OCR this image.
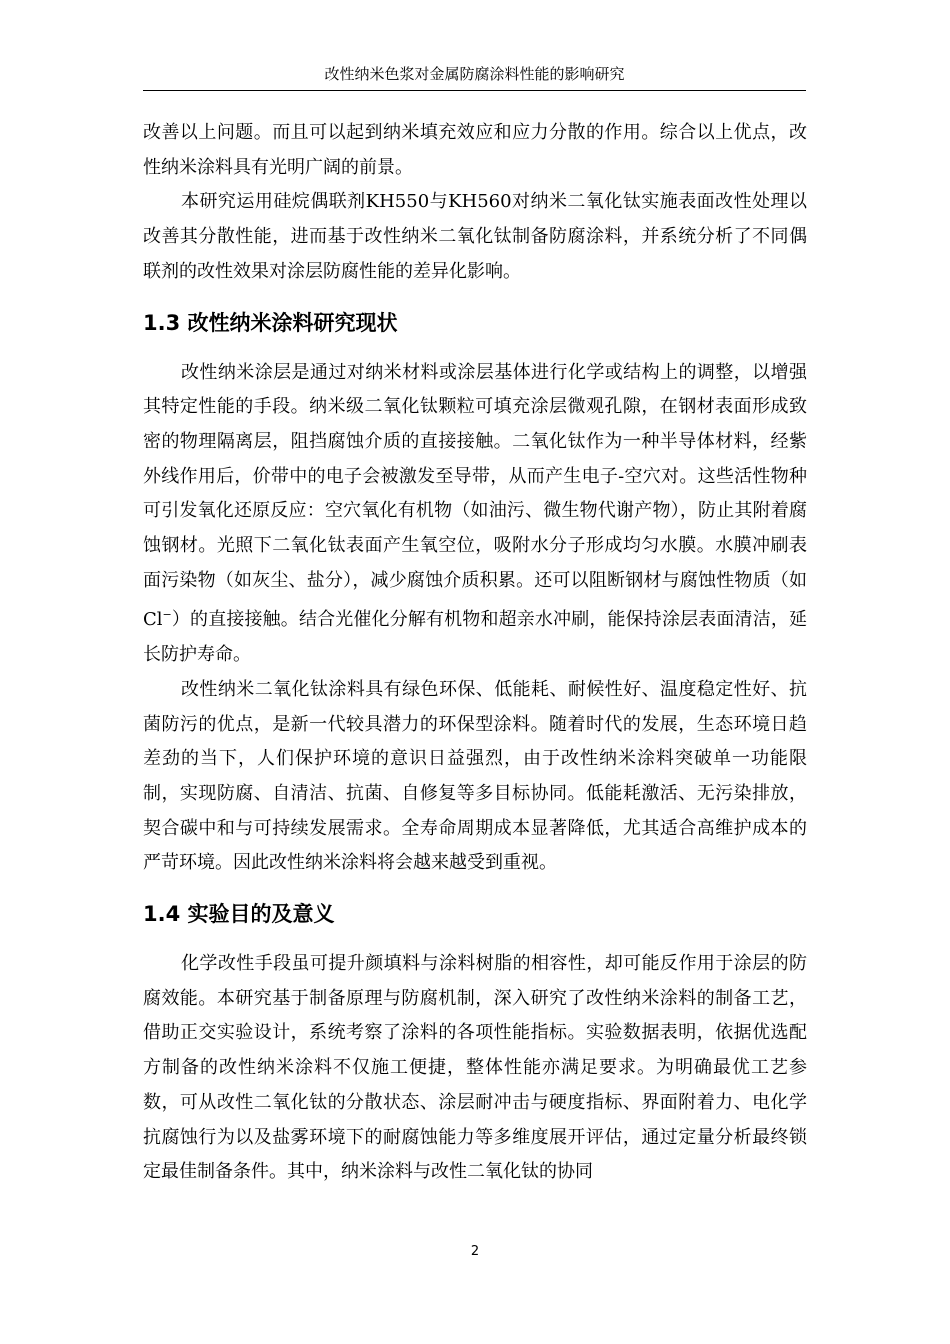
改性纳米色浆对金属防腐涂料性能的影响研究

改善以上问题。而且可以起到纳米填充效应和应力分散的作用。综合以上优点，改性纳米涂料具有光明广阔的前景。

本研究运用硅烷偶联剂KH550与KH560对纳米二氧化钛实施表面改性处理以改善其分散性能，进而基于改性纳米二氧化钛制备防腐涂料，并系统分析了不同偶联剂的改性效果对涂层防腐性能的差异化影响。

1.3 改性纳米涂料研究现状

改性纳米涂层是通过对纳米材料或涂层基体进行化学或结构上的调整，以增强其特定性能的手段。纳米级二氧化钛颗粒可填充涂层微观孔隙，在钢材表面形成致密的物理隔离层，阻挡腐蚀介质的直接接触。二氧化钛作为一种半导体材料，经紫外线作用后，价带中的电子会被激发至导带，从而产生电子-空穴对。这些活性物种可引发氧化还原反应：空穴氧化有机物（如油污、微生物代谢产物），防止其附着腐蚀钢材。光照下二氧化钛表面产生氧空位，吸附水分子形成均匀水膜。水膜冲刷表面污染物（如灰尘、盐分），减少腐蚀介质积累。还可以阻断钢材与腐蚀性物质（如 Cl−）的直接接触。结合光催化分解有机物和超亲水冲刷，能保持涂层表面清洁，延长防护寿命。

改性纳米二氧化钛涂料具有绿色环保、低能耗、耐候性好、温度稳定性好、抗菌防污的优点，是新一代较具潜力的环保型涂料。随着时代的发展，生态环境日趋差劲的当下，人们保护环境的意识日益强烈，由于改性纳米涂料突破单一功能限制，实现防腐、自清洁、抗菌、自修复等多目标协同。低能耗激活、无污染排放，契合碳中和与可持续发展需求。全寿命周期成本显著降低，尤其适合高维护成本的严苛环境。因此改性纳米涂料将会越来越受到重视。

1.4 实验目的及意义

化学改性手段虽可提升颜填料与涂料树脂的相容性，却可能反作用于涂层的防腐效能。本研究基于制备原理与防腐机制，深入研究了改性纳米涂料的制备工艺，借助正交实验设计，系统考察了涂料的各项性能指标。实验数据表明，依据优选配方制备的改性纳米涂料不仅施工便捷，整体性能亦满足要求。为明确最优工艺参数，可从改性二氧化钛的分散状态、涂层耐冲击与硬度指标、界面附着力、电化学抗腐蚀行为以及盐雾环境下的耐腐蚀能力等多维度展开评估，通过定量分析最终锁定最佳制备条件。其中，纳米涂料与改性二氧化钛的协同

2
